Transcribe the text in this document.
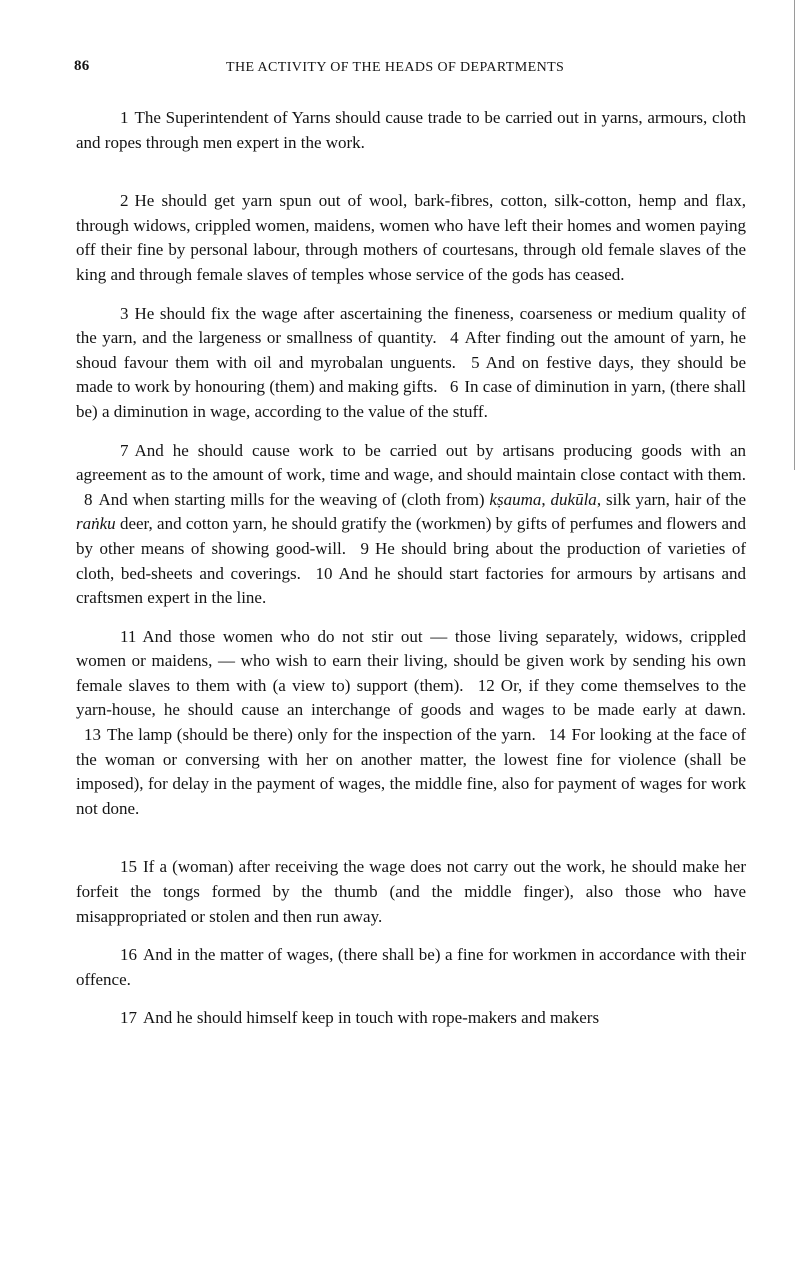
86	THE ACTIVITY OF THE HEADS OF DEPARTMENTS

1 The Superintendent of Yarns should cause trade to be carried out in yarns, armours, cloth and ropes through men expert in the work.

2 He should get yarn spun out of wool, bark-fibres, cotton, silk-cotton, hemp and flax, through widows, crippled women, maidens, women who have left their homes and women paying off their fine by personal labour, through mothers of courtesans, through old female slaves of the king and through female slaves of temples whose service of the gods has ceased.

3 He should fix the wage after ascertaining the fineness, coarseness or medium quality of the yarn, and the largeness or smallness of quantity. 4 After finding out the amount of yarn, he shoud favour them with oil and myrobalan unguents. 5 And on festive days, they should be made to work by honouring (them) and making gifts. 6 In case of diminution in yarn, (there shall be) a diminution in wage, according to the value of the stuff.

7 And he should cause work to be carried out by artisans producing goods with an agreement as to the amount of work, time and wage, and should maintain close contact with them. 8 And when starting mills for the weaving of (cloth from) kṣauma, dukūla, silk yarn, hair of the raṅku deer, and cotton yarn, he should gratify the (workmen) by gifts of perfumes and flowers and by other means of showing good-will. 9 He should bring about the production of varieties of cloth, bed-sheets and coverings. 10 And he should start factories for armours by artisans and craftsmen expert in the line.

11 And those women who do not stir out — those living separately, widows, crippled women or maidens, — who wish to earn their living, should be given work by sending his own female slaves to them with (a view to) support (them). 12 Or, if they come themselves to the yarn-house, he should cause an interchange of goods and wages to be made early at dawn. 13 The lamp (should be there) only for the inspection of the yarn. 14 For looking at the face of the woman or conversing with her on another matter, the lowest fine for violence (shall be imposed), for delay in the payment of wages, the middle fine, also for payment of wages for work not done.

15 If a (woman) after receiving the wage does not carry out the work, he should make her forfeit the tongs formed by the thumb (and the middle finger), also those who have misappropriated or stolen and then run away.

16 And in the matter of wages, (there shall be) a fine for workmen in accordance with their offence.

17 And he should himself keep in touch with rope-makers and makers
